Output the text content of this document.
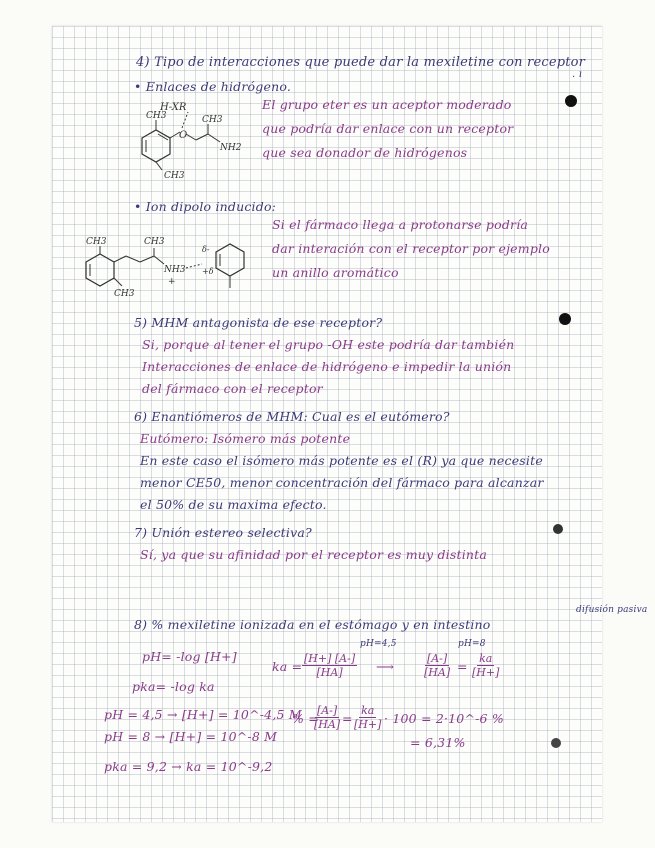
4) Tipo de interacciones que puede dar la mexiletine con receptor
. ı
• Enlaces de hidrógeno.
El grupo eter es un aceptor moderado
que podría dar enlace con un receptor
que sea donador de hidrógenos
H-XR
CH3	CH3
CH3
O
NH2
• Ion dipolo inducido:
Si el fármaco llega a protonarse podría
dar interación con el receptor por ejemplo
un anillo aromático
CH3	CH3
CH3
NH3
+
δ-
+δ
5) MHM antagonista de ese receptor?
Si, porque al tener el grupo -OH este podría dar también
Interacciones de enlace de hidrógeno e impedir la unión
del fármaco con el receptor
6) Enantiómeros de MHM: Cual es el eutómero?
Eutómero: Isómero más potente
En este caso el isómero más potente es el (R) ya que necesite
menor CE50, menor concentración del fármaco para alcanzar
el 50% de su maxima efecto.
7) Unión estereo selectiva?
Sí, ya que su afinidad por el receptor es muy distinta
difusión pasiva
8) % mexiletine ionizada en el estómago y en intestino
pH=4,5	pH=8
pH= -log [H+]
pka= -log ka
ka = $\frac{[H+] [A-]}{[HA]}$ ⟶	$\frac{[A-]}{[HA]} = \frac{ka}{[H+]}$
pH = 4,5 → [H+] = 10^-4,5 M
pH = 8 → [H+] = 10^-8 M
pka = 9,2 → ka = 10^-9,2
% =
$\frac{[A-]}{[HA]} = \frac{ka}{[H+]} \cdot 100$ = 2·10^-6 %
= 6,31%
